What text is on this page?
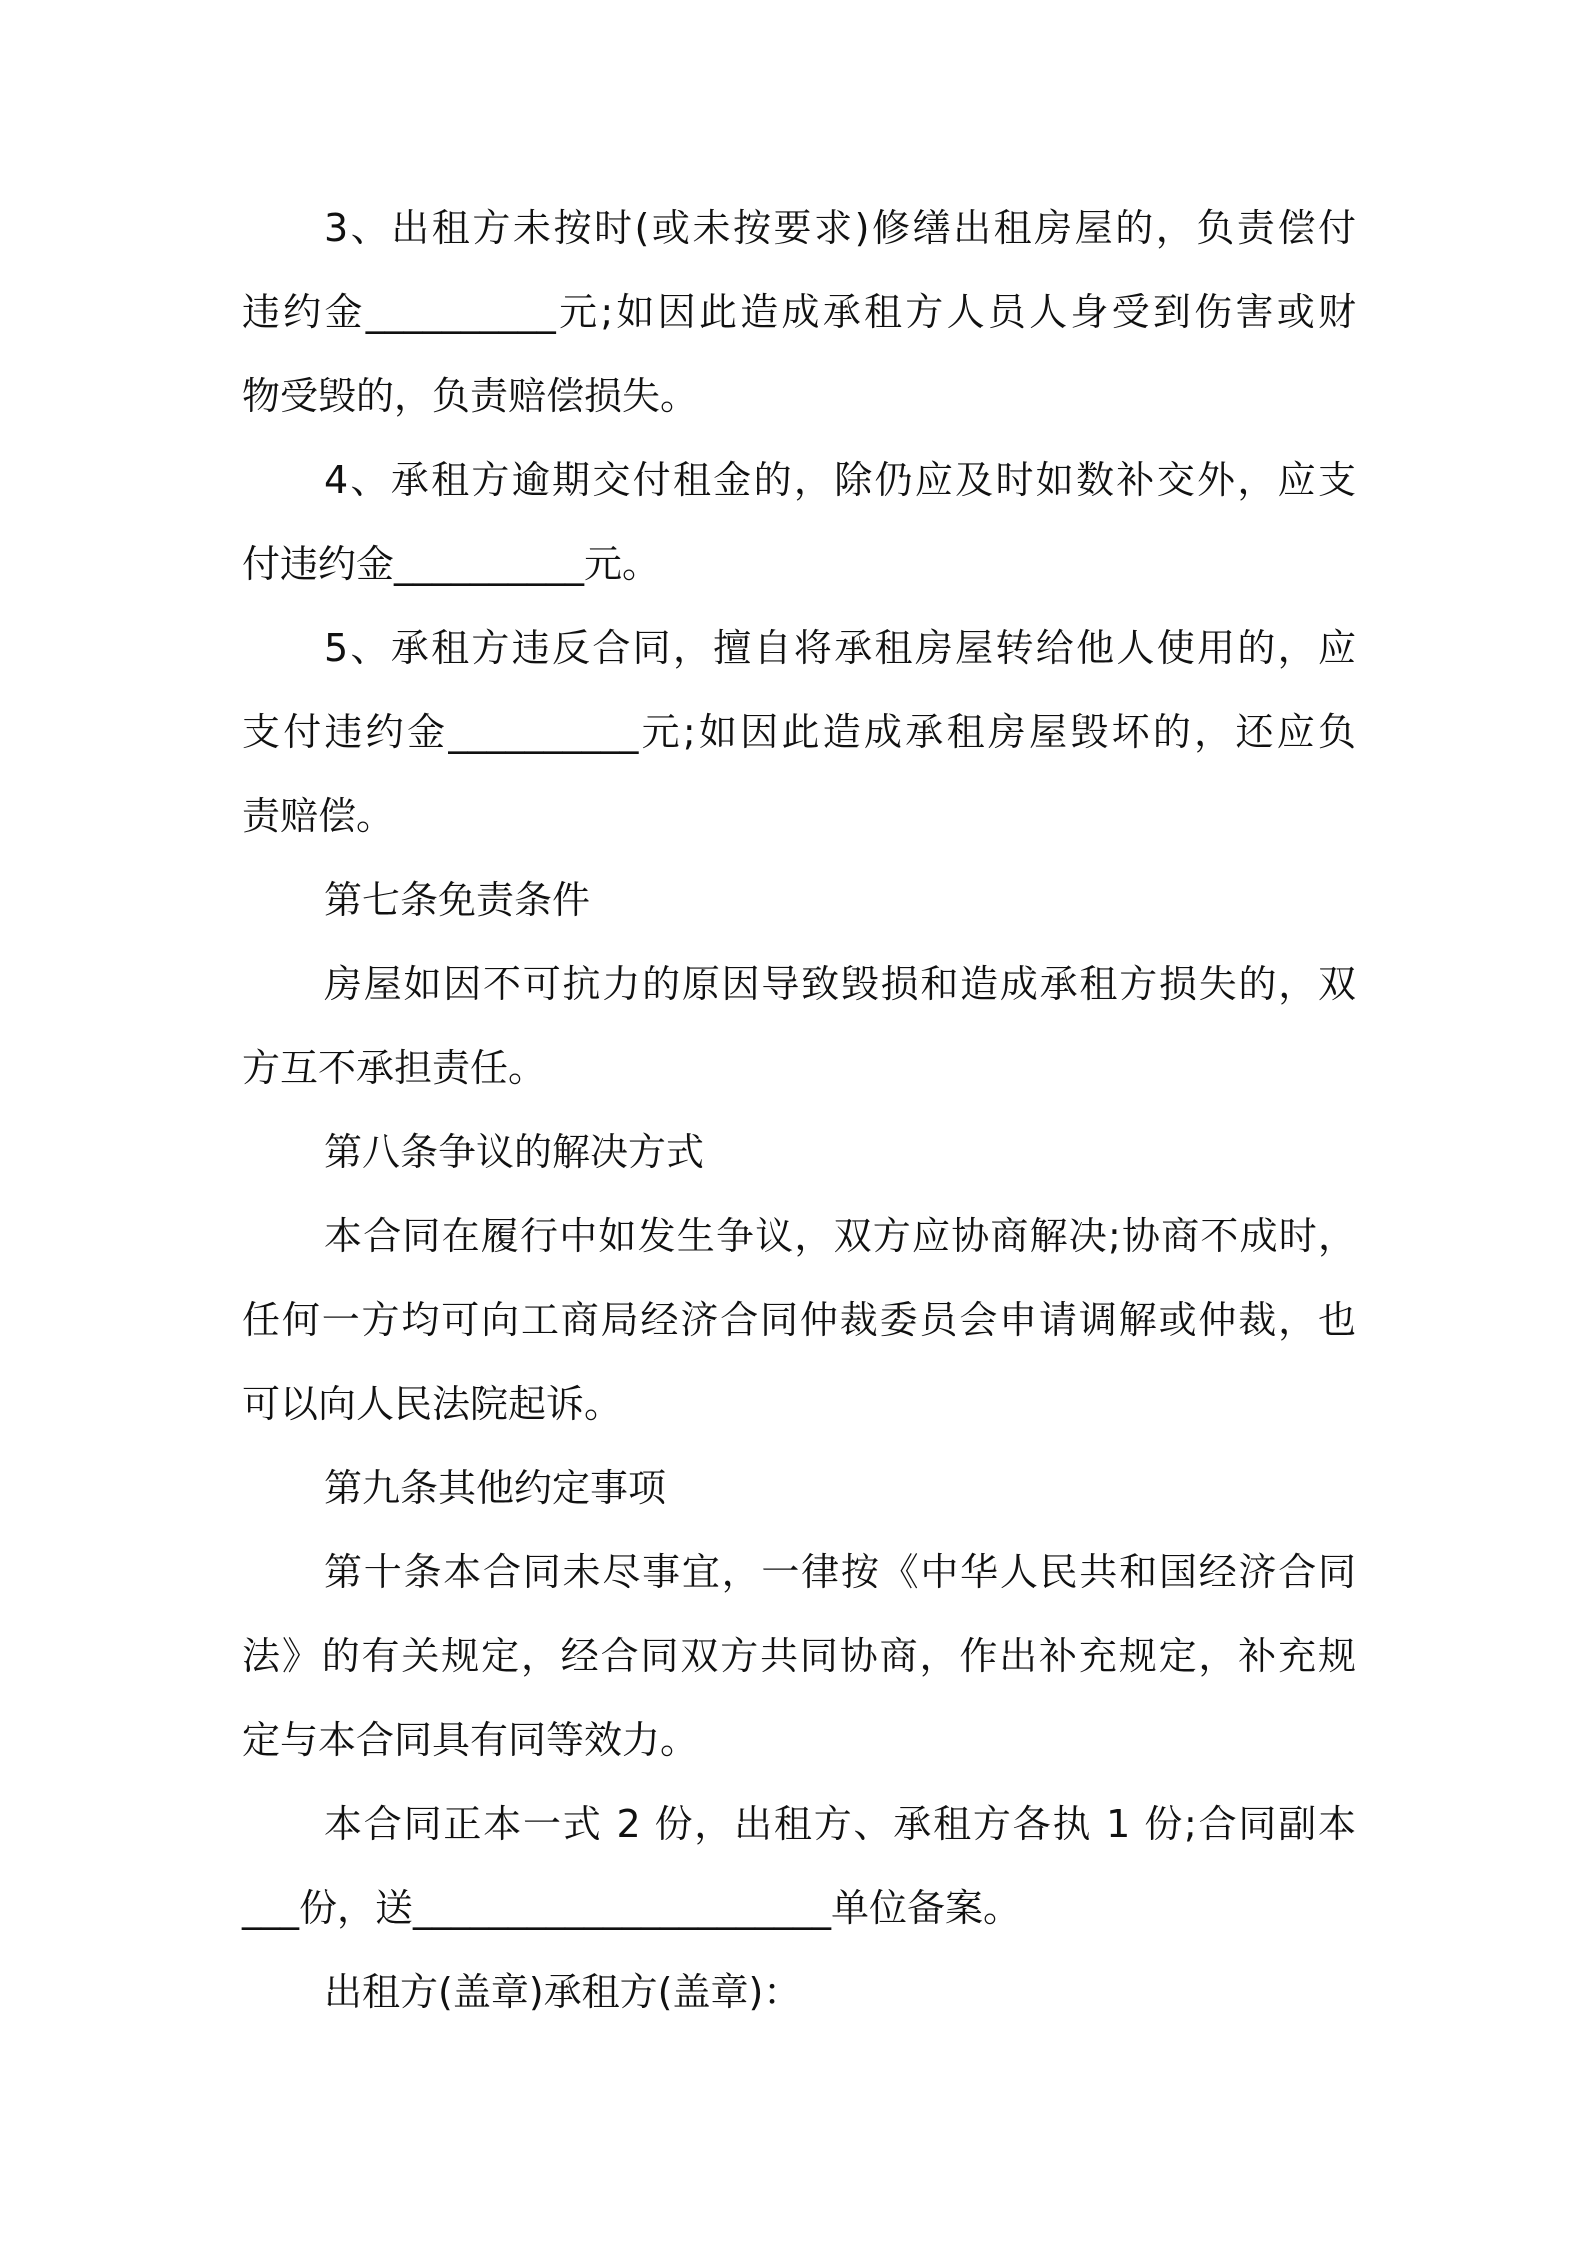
3、出租方未按时(或未按要求)修缮出租房屋的，负责偿付
违约金__________元;如因此造成承租方人员人身受到伤害或财
物受毁的，负责赔偿损失。
4、承租方逾期交付租金的，除仍应及时如数补交外，应支
付违约金__________元。
5、承租方违反合同，擅自将承租房屋转给他人使用的，应
支付违约金__________元;如因此造成承租房屋毁坏的，还应负
责赔偿。
第七条免责条件
房屋如因不可抗力的原因导致毁损和造成承租方损失的，双
方互不承担责任。
第八条争议的解决方式
本合同在履行中如发生争议，双方应协商解决;协商不成时，
任何一方均可向工商局经济合同仲裁委员会申请调解或仲裁，也
可以向人民法院起诉。
第九条其他约定事项
第十条本合同未尽事宜，一律按《中华人民共和国经济合同
法》的有关规定，经合同双方共同协商，作出补充规定，补充规
定与本合同具有同等效力。
本合同正本一式 2 份，出租方、承租方各执 1 份;合同副本
___份，送______________________单位备案。
出租方(盖章)承租方(盖章)：
